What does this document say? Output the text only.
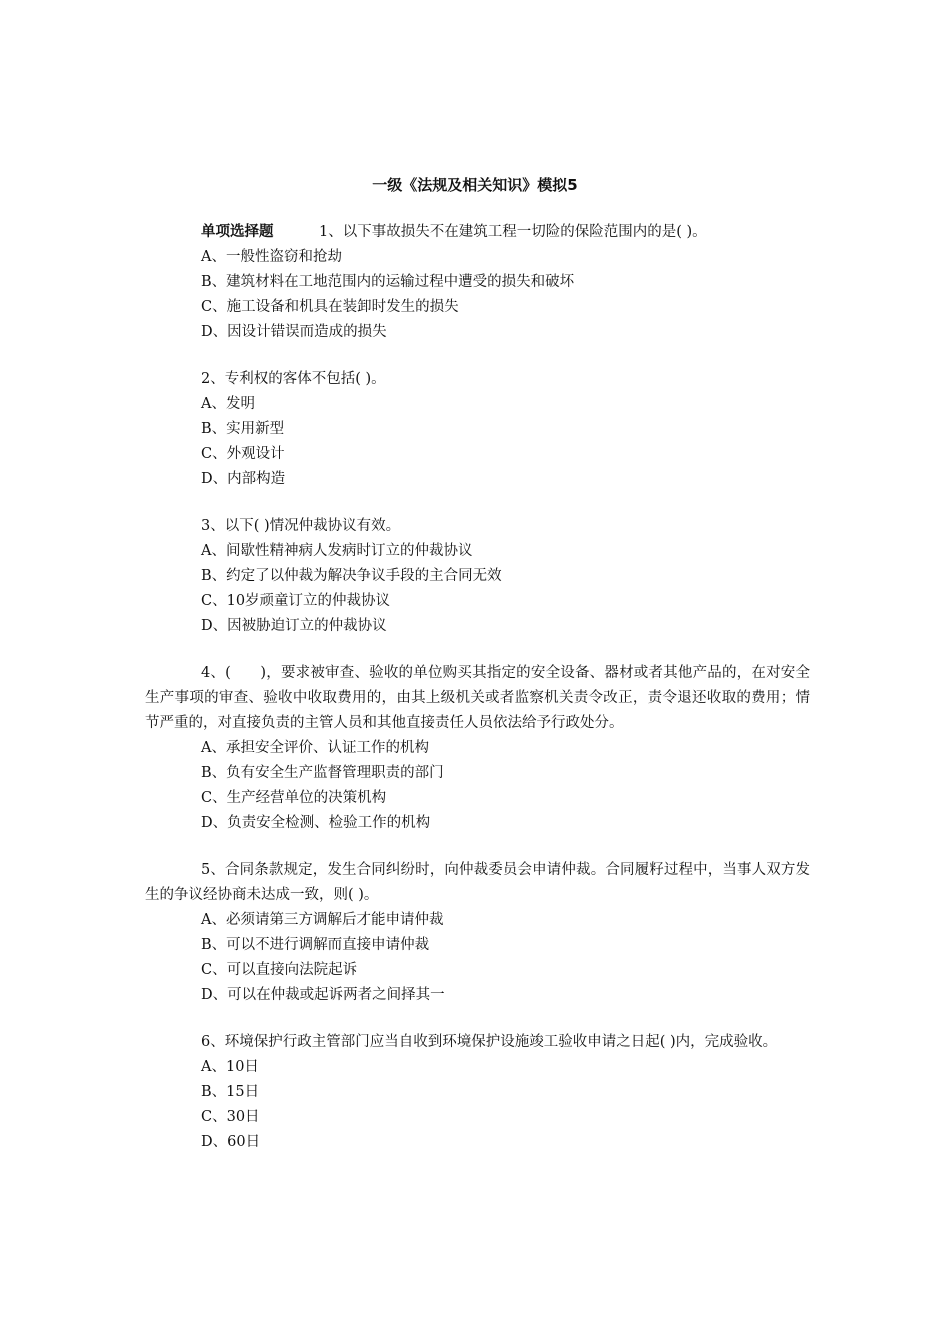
一级《法规及相关知识》模拟5
单项选择题	1、以下事故损失不在建筑工程一切险的保险范围内的是( )。
A、一般性盗窃和抢劫
B、建筑材料在工地范围内的运输过程中遭受的损失和破坏
C、施工设备和机具在装卸时发生的损失
D、因设计错误而造成的损失
2、专利权的客体不包括( )。
A、发明
B、实用新型
C、外观设计
D、内部构造
3、以下( )情况仲裁协议有效。
A、间歇性精神病人发病时订立的仲裁协议
B、约定了以仲裁为解决争议手段的主合同无效
C、10岁顽童订立的仲裁协议
D、因被胁迫订立的仲裁协议
4、(　　)，要求被审查、验收的单位购买其指定的安全设备、器材或者其他产品的，在对安全生产事项的审查、验收中收取费用的，由其上级机关或者监察机关责令改正，责令退还收取的费用；情节严重的，对直接负责的主管人员和其他直接责任人员依法给予行政处分。
A、承担安全评价、认证工作的机构
B、负有安全生产监督管理职责的部门
C、生产经营单位的决策机构
D、负责安全检测、检验工作的机构
5、合同条款规定，发生合同纠纷时，向仲裁委员会申请仲裁。合同履籽过程中，当事人双方发生的争议经协商未达成一致，则( )。
A、必须请第三方调解后才能申请仲裁
B、可以不进行调解而直接申请仲裁
C、可以直接向法院起诉
D、可以在仲裁或起诉两者之间择其一
6、环境保护行政主管部门应当自收到环境保护设施竣工验收申请之日起( )内，完成验收。
A、10日
B、15日
C、30日
D、60日
